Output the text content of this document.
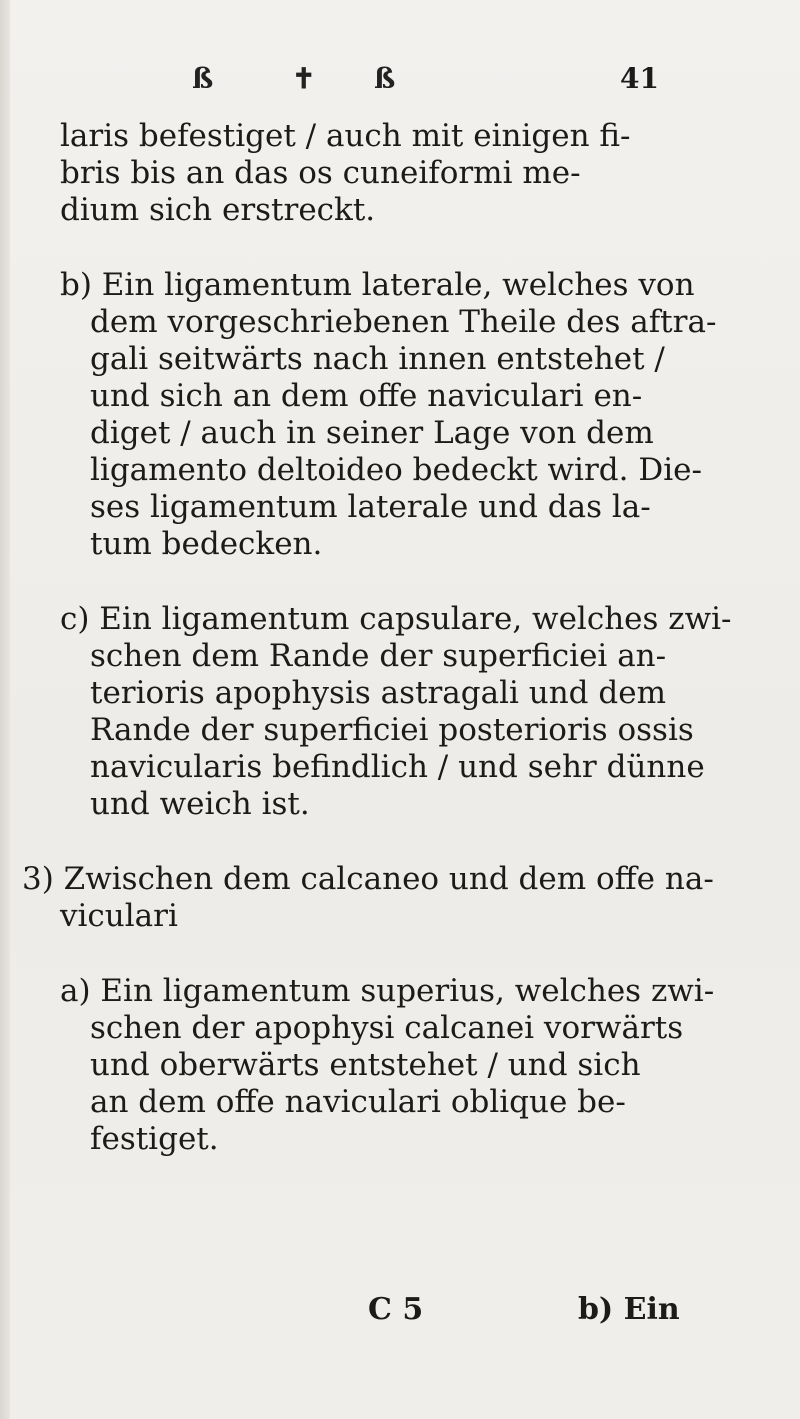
ß	✝ ß	41
laris befestiget / auch mit einigen fi-
bris bis an das os cuneiformi me-
dium sich erstreckt.
b) Ein ligamentum laterale, welches von
dem vorgeschriebenen Theile des aftra-
gali seitwärts nach innen entstehet /
und sich an dem offe naviculari en-
diget / auch in seiner Lage von dem
ligamento deltoideo bedeckt wird. Die-
ses ligamentum laterale und das la-
tum bedecken.
c) Ein ligamentum capsulare, welches zwi-
schen dem Rande der superficiei an-
terioris apophysis astragali und dem
Rande der superficiei posterioris ossis
navicularis befindlich / und sehr dünne
und weich ist.
3) Zwischen dem calcaneo und dem offe na-
viculari
a) Ein ligamentum superius, welches zwi-
schen der apophysi calcanei vorwärts
und oberwärts entstehet / und sich
an dem offe naviculari oblique be-
festiget.
C 5	b) Ein
